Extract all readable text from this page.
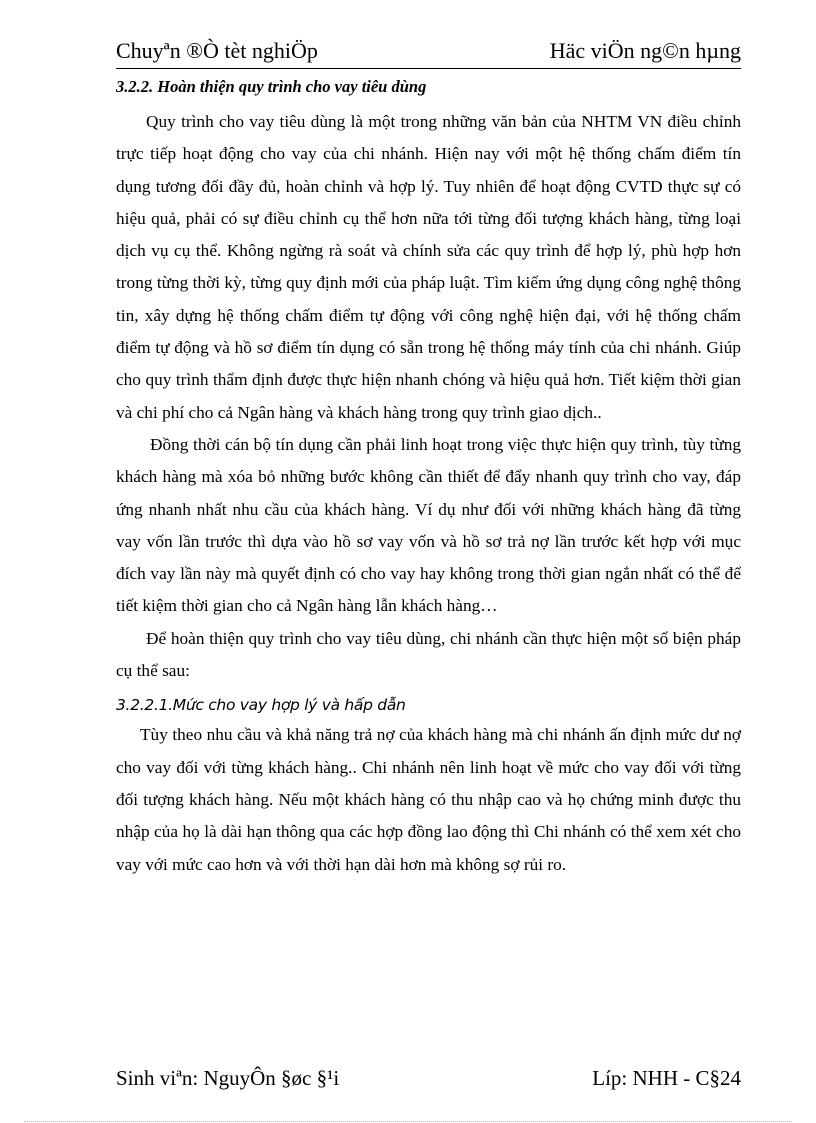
Chuyªn ®Ò tèt nghiÖp	Häc viÖn ng©n hµng
3.2.2. Hoàn thiện quy trình cho vay tiêu dùng

Quy trình cho vay tiêu dùng là một trong những văn bản của NHTM VN điều chỉnh trực tiếp hoạt động cho vay của chi nhánh. Hiện nay với một hệ thống chấm điểm tín dụng tương đối đầy đủ, hoàn chỉnh và hợp lý. Tuy nhiên để hoạt động CVTD thực sự có hiệu quả, phải có sự điều chỉnh cụ thể hơn nữa tới từng đối tượng khách hàng, từng loại dịch vụ cụ thể. Không ngừng rà soát và chính sửa các quy trình để hợp lý, phù hợp hơn trong từng thời kỳ, từng quy định mới của pháp luật. Tìm kiếm ứng dụng công nghệ thông tin, xây dựng hệ thống chấm điểm tự động với công nghệ hiện đại, với hệ thống chấm điểm tự động và hồ sơ điểm tín dụng có sẵn trong hệ thống máy tính của chi nhánh. Giúp cho quy trình thẩm định được thực hiện nhanh chóng và hiệu quả hơn. Tiết kiệm thời gian và chi phí cho cả Ngân hàng và khách hàng trong quy trình giao dịch..

Đồng thời cán bộ tín dụng cần phải linh hoạt trong việc thực hiện quy trình, tùy từng khách hàng mà xóa bỏ những bước không cần thiết để đẩy nhanh quy trình cho vay, đáp ứng nhanh nhất nhu cầu của khách hàng. Ví dụ như đối với những khách hàng đã từng vay vốn lần trước thì dựa vào hồ sơ vay vốn và hồ sơ trả nợ lần trước kết hợp với mục đích vay lần này mà quyết định có cho vay hay không trong thời gian ngắn nhất có thể để tiết kiệm thời gian cho cả Ngân hàng lẫn khách hàng…

Để hoàn thiện quy trình cho vay tiêu dùng, chi nhánh cần thực hiện một số biện pháp cụ thể sau:

3.2.2.1.Mức cho vay hợp lý và hấp dẫn

Tùy theo nhu cầu và khả năng trả nợ của khách hàng mà chi nhánh ấn định mức dư nợ cho vay đối với từng khách hàng.. Chi nhánh nên linh hoạt về mức cho vay đối với từng đối tượng khách hàng. Nếu một khách hàng có thu nhập cao và họ chứng minh được thu nhập của họ là dài hạn thông qua các hợp đồng lao động thì Chi nhánh có thể xem xét cho vay với mức cao hơn và với thời hạn dài hơn mà không sợ rủi ro.

Sinh viªn: NguyÔn §øc §¹i	Líp: NHH - C§24
